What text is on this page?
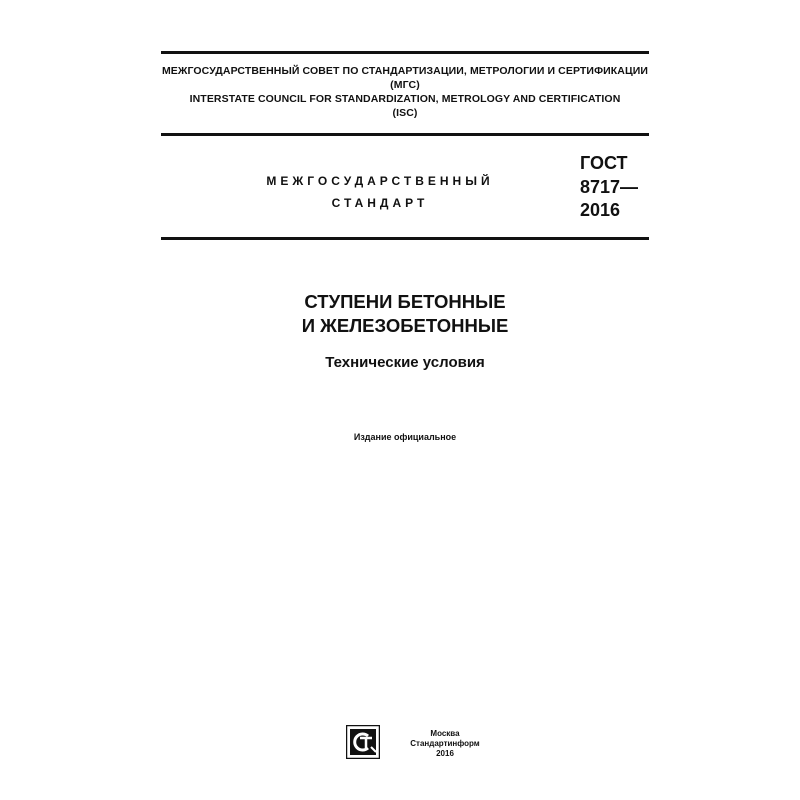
МЕЖГОСУДАРСТВЕННЫЙ СОВЕТ ПО СТАНДАРТИЗАЦИИ, МЕТРОЛОГИИ И СЕРТИФИКАЦИИ
(МГС)
INTERSTATE COUNCIL FOR STANDARDIZATION, METROLOGY AND CERTIFICATION
(ISC)
МЕЖГОСУДАРСТВЕННЫЙ
СТАНДАРТ
ГОСТ
8717—
2016
СТУПЕНИ БЕТОННЫЕ
И ЖЕЛЕЗОБЕТОННЫЕ
Технические условия
Издание официальное
Москва
Стандартинформ
2016
